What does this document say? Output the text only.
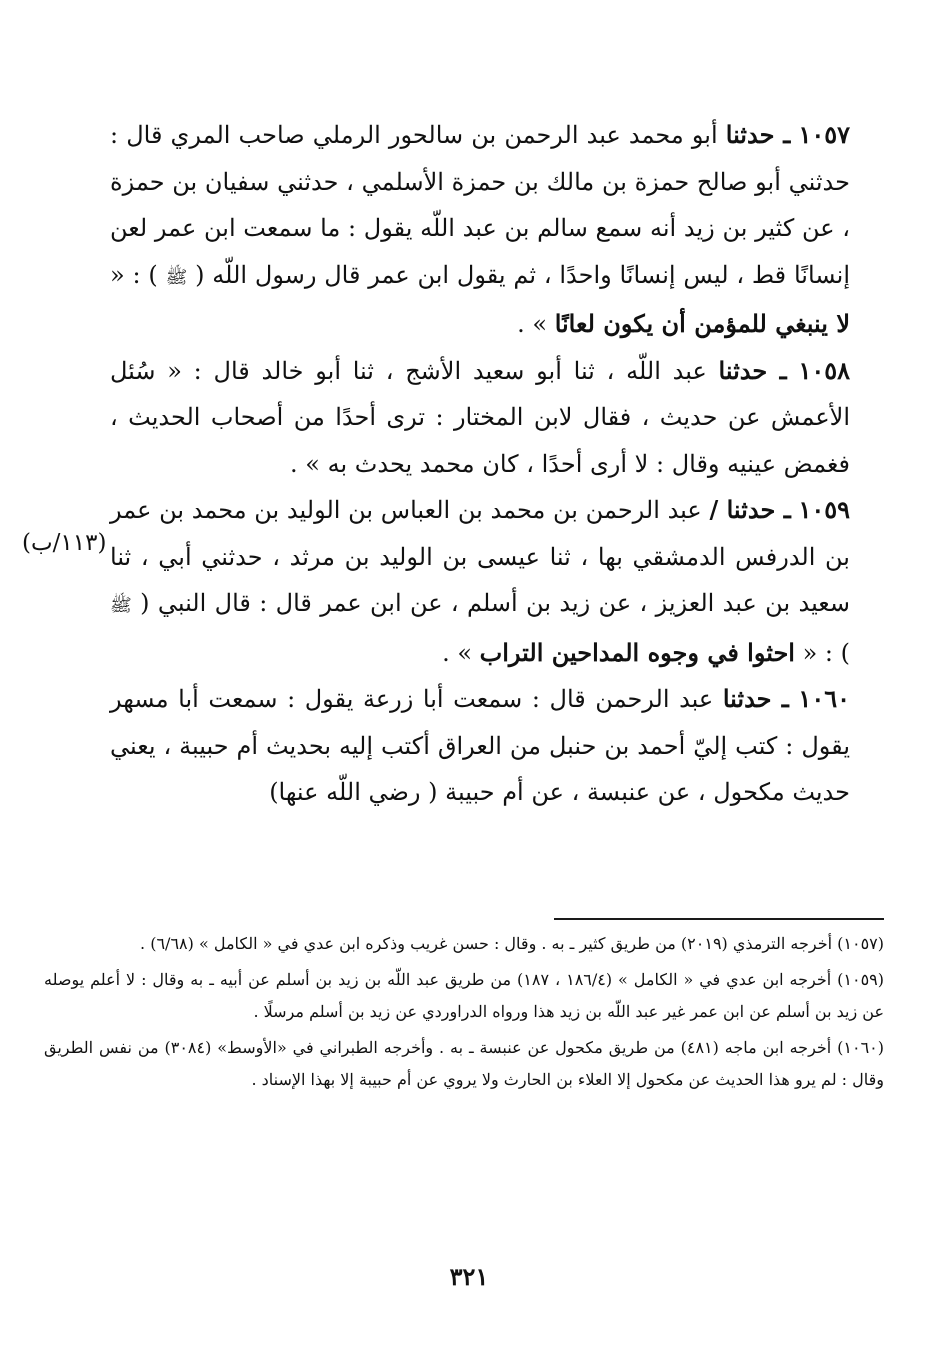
١٠٥٧ ـ حدثنا أبو محمد عبد الرحمن بن سالحور الرملي صاحب المري قال : حدثني أبو صالح حمزة بن مالك بن حمزة الأسلمي ، حدثني سفيان بن حمزة ، عن كثير بن زيد أنه سمع سالم بن عبد اللّه يقول : ما سمعت ابن عمر لعن إنسانًا قط ، ليس إنسانًا واحدًا ، ثم يقول ابن عمر قال رسول اللّه ( ﷺ ) : « لا ينبغي للمؤمن أن يكون لعانًا » .

١٠٥٨ ـ حدثنا عبد اللّه ، ثنا أبو سعيد الأشج ، ثنا أبو خالد قال : « سُئل الأعمش عن حديث ، فقال لابن المختار : ترى أحدًا من أصحاب الحديث ، فغمض عينيه وقال : لا أرى أحدًا ، كان محمد يحدث به » .

١٠٥٩ ـ حدثنا / عبد الرحمن بن محمد بن العباس بن الوليد بن محمد بن عمر بن الدرفس الدمشقي بها ، ثنا عيسى بن الوليد بن مرثد ، حدثني أبي ، ثنا سعيد بن عبد العزيز ، عن زيد بن أسلم ، عن ابن عمر قال : قال النبي ( ﷺ ) : « احثوا في وجوه المداحين التراب » .

١٠٦٠ ـ حدثنا عبد الرحمن قال : سمعت أبا زرعة يقول : سمعت أبا مسهر يقول : كتب إليّ أحمد بن حنبل من العراق أكتب إليه بحديث أم حبيبة ، يعني حديث مكحول ، عن عنبسة ، عن أم حبيبة ( رضي اللّه عنها)

(١١٣/ب)

(١٠٥٧) أخرجه الترمذي (٢٠١٩) من طريق كثير ـ به . وقال : حسن غريب وذكره ابن عدي في « الكامل » (٦/٦٨) .

(١٠٥٩) أخرجه ابن عدي في « الكامل » (١٨٦/٤ ، ١٨٧) من طريق عبد اللّه بن زيد بن أسلم عن أبيه ـ به وقال : لا أعلم يوصله عن زيد بن أسلم عن ابن عمر غير عبد اللّه بن زيد هذا ورواه الدراوردي عن زيد بن أسلم مرسلًا .

(١٠٦٠) أخرجه ابن ماجه (٤٨١) من طريق مكحول عن عنبسة ـ به . وأخرجه الطبراني في «الأوسط» (٣٠٨٤) من نفس الطريق وقال : لم يرو هذا الحديث عن مكحول إلا العلاء بن الحارث ولا يروي عن أم حبيبة إلا بهذا الإسناد .

٣٢١
